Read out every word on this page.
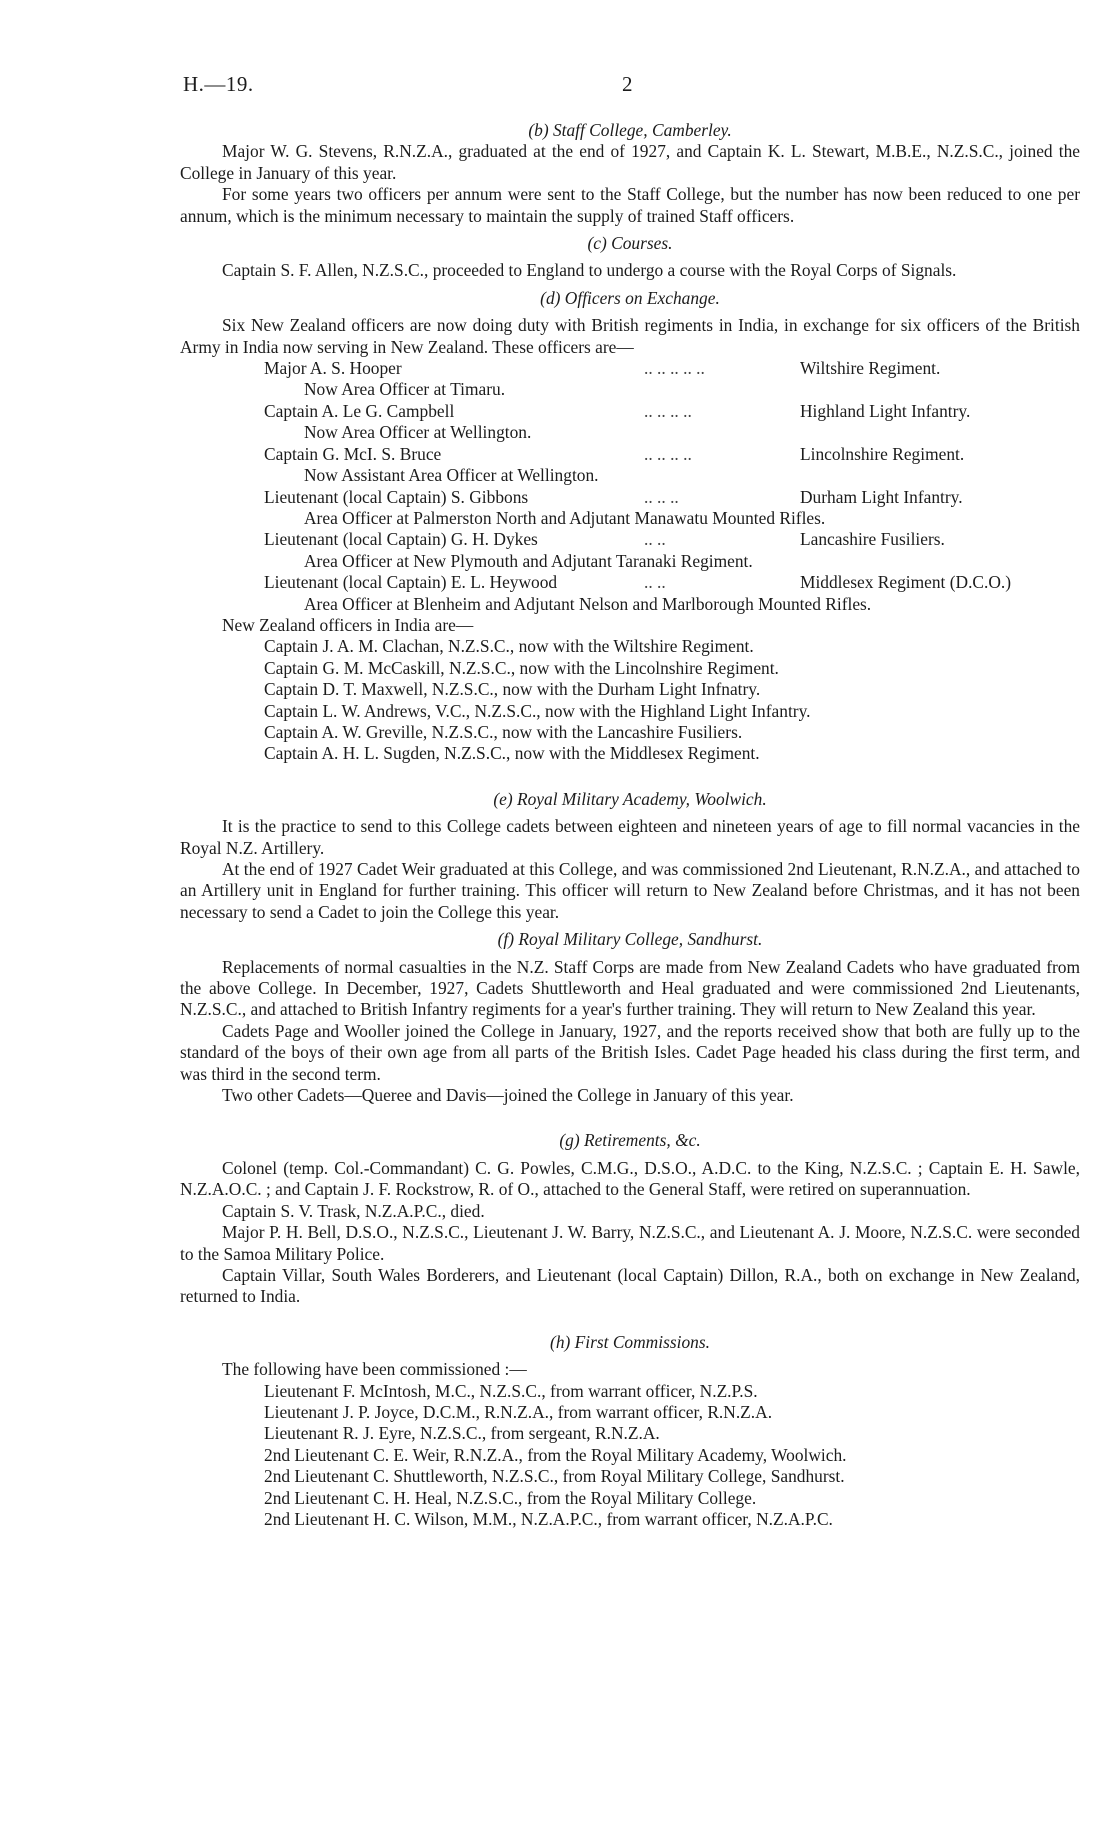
H.—19.	2
(b) Staff College, Camberley.

Major W. G. Stevens, R.N.Z.A., graduated at the end of 1927, and Captain K. L. Stewart, M.B.E., N.Z.S.C., joined the College in January of this year.

For some years two officers per annum were sent to the Staff College, but the number has now been reduced to one per annum, which is the minimum necessary to maintain the supply of trained Staff officers.

(c) Courses.

Captain S. F. Allen, N.Z.S.C., proceeded to England to undergo a course with the Royal Corps of Signals.

(d) Officers on Exchange.

Six New Zealand officers are now doing duty with British regiments in India, in exchange for six officers of the British Army in India now serving in New Zealand. These officers are—

Major A. S. Hooper	.. .. .. .. ..	Wiltshire Regiment.
Now Area Officer at Timaru.
Captain A. Le G. Campbell	.. .. .. ..	Highland Light Infantry.
Now Area Officer at Wellington.
Captain G. McI. S. Bruce	.. .. .. ..	Lincolnshire Regiment.
Now Assistant Area Officer at Wellington.
Lieutenant (local Captain) S. Gibbons	.. .. ..	Durham Light Infantry.
Area Officer at Palmerston North and Adjutant Manawatu Mounted Rifles.
Lieutenant (local Captain) G. H. Dykes	.. ..	Lancashire Fusiliers.
Area Officer at New Plymouth and Adjutant Taranaki Regiment.
Lieutenant (local Captain) E. L. Heywood	.. ..	Middlesex Regiment (D.C.O.)
Area Officer at Blenheim and Adjutant Nelson and Marlborough Mounted Rifles.
New Zealand officers in India are—
Captain J. A. M. Clachan, N.Z.S.C., now with the Wiltshire Regiment.
Captain G. M. McCaskill, N.Z.S.C., now with the Lincolnshire Regiment.
Captain D. T. Maxwell, N.Z.S.C., now with the Durham Light Infnatry.
Captain L. W. Andrews, V.C., N.Z.S.C., now with the Highland Light Infantry.
Captain A. W. Greville, N.Z.S.C., now with the Lancashire Fusiliers.
Captain A. H. L. Sugden, N.Z.S.C., now with the Middlesex Regiment.
(e) Royal Military Academy, Woolwich.

It is the practice to send to this College cadets between eighteen and nineteen years of age to fill normal vacancies in the Royal N.Z. Artillery.

At the end of 1927 Cadet Weir graduated at this College, and was commissioned 2nd Lieutenant, R.N.Z.A., and attached to an Artillery unit in England for further training. This officer will return to New Zealand before Christmas, and it has not been necessary to send a Cadet to join the College this year.

(f) Royal Military College, Sandhurst.

Replacements of normal casualties in the N.Z. Staff Corps are made from New Zealand Cadets who have graduated from the above College. In December, 1927, Cadets Shuttleworth and Heal graduated and were commissioned 2nd Lieutenants, N.Z.S.C., and attached to British Infantry regiments for a year's further training. They will return to New Zealand this year.

Cadets Page and Wooller joined the College in January, 1927, and the reports received show that both are fully up to the standard of the boys of their own age from all parts of the British Isles. Cadet Page headed his class during the first term, and was third in the second term.

Two other Cadets—Queree and Davis—joined the College in January of this year.

(g) Retirements, &c.

Colonel (temp. Col.-Commandant) C. G. Powles, C.M.G., D.S.O., A.D.C. to the King, N.Z.S.C. ; Captain E. H. Sawle, N.Z.A.O.C. ; and Captain J. F. Rockstrow, R. of O., attached to the General Staff, were retired on superannuation.

Captain S. V. Trask, N.Z.A.P.C., died.

Major P. H. Bell, D.S.O., N.Z.S.C., Lieutenant J. W. Barry, N.Z.S.C., and Lieutenant A. J. Moore, N.Z.S.C. were seconded to the Samoa Military Police.

Captain Villar, South Wales Borderers, and Lieutenant (local Captain) Dillon, R.A., both on exchange in New Zealand, returned to India.

(h) First Commissions.
The following have been commissioned :—
Lieutenant F. McIntosh, M.C., N.Z.S.C., from warrant officer, N.Z.P.S.
Lieutenant J. P. Joyce, D.C.M., R.N.Z.A., from warrant officer, R.N.Z.A.
Lieutenant R. J. Eyre, N.Z.S.C., from sergeant, R.N.Z.A.
2nd Lieutenant C. E. Weir, R.N.Z.A., from the Royal Military Academy, Woolwich.
2nd Lieutenant C. Shuttleworth, N.Z.S.C., from Royal Military College, Sandhurst.
2nd Lieutenant C. H. Heal, N.Z.S.C., from the Royal Military College.
2nd Lieutenant H. C. Wilson, M.M., N.Z.A.P.C., from warrant officer, N.Z.A.P.C.
